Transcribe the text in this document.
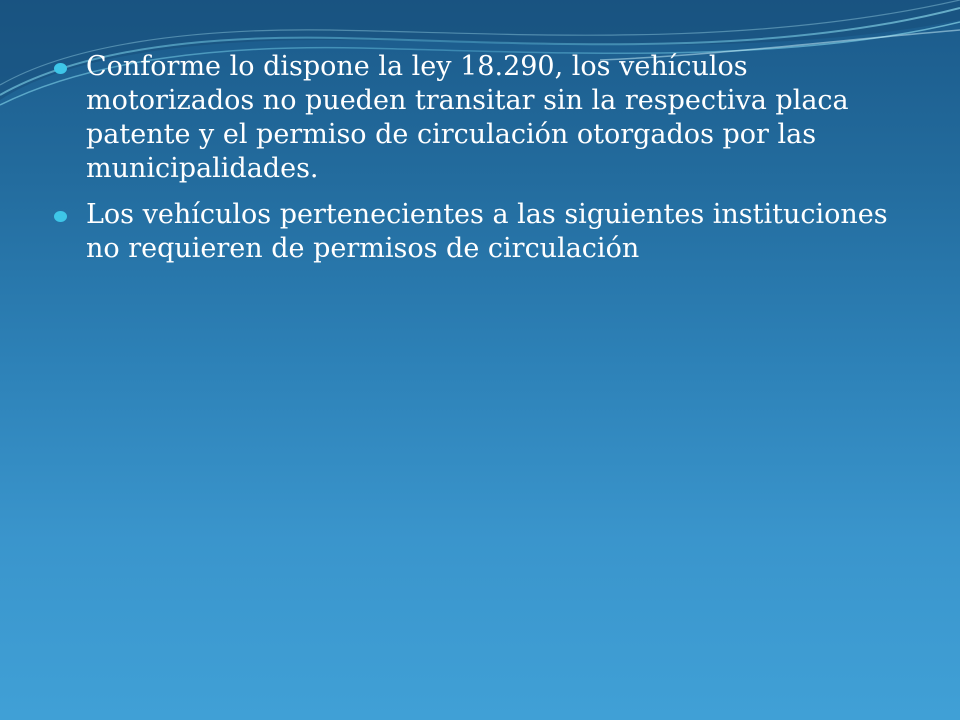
Conforme lo dispone la ley 18.290, los vehículos motorizados no pueden transitar sin la respectiva placa patente y el permiso de circulación otorgados por las municipalidades.
Los vehículos pertenecientes a las siguientes instituciones no requieren de permisos de circulación
